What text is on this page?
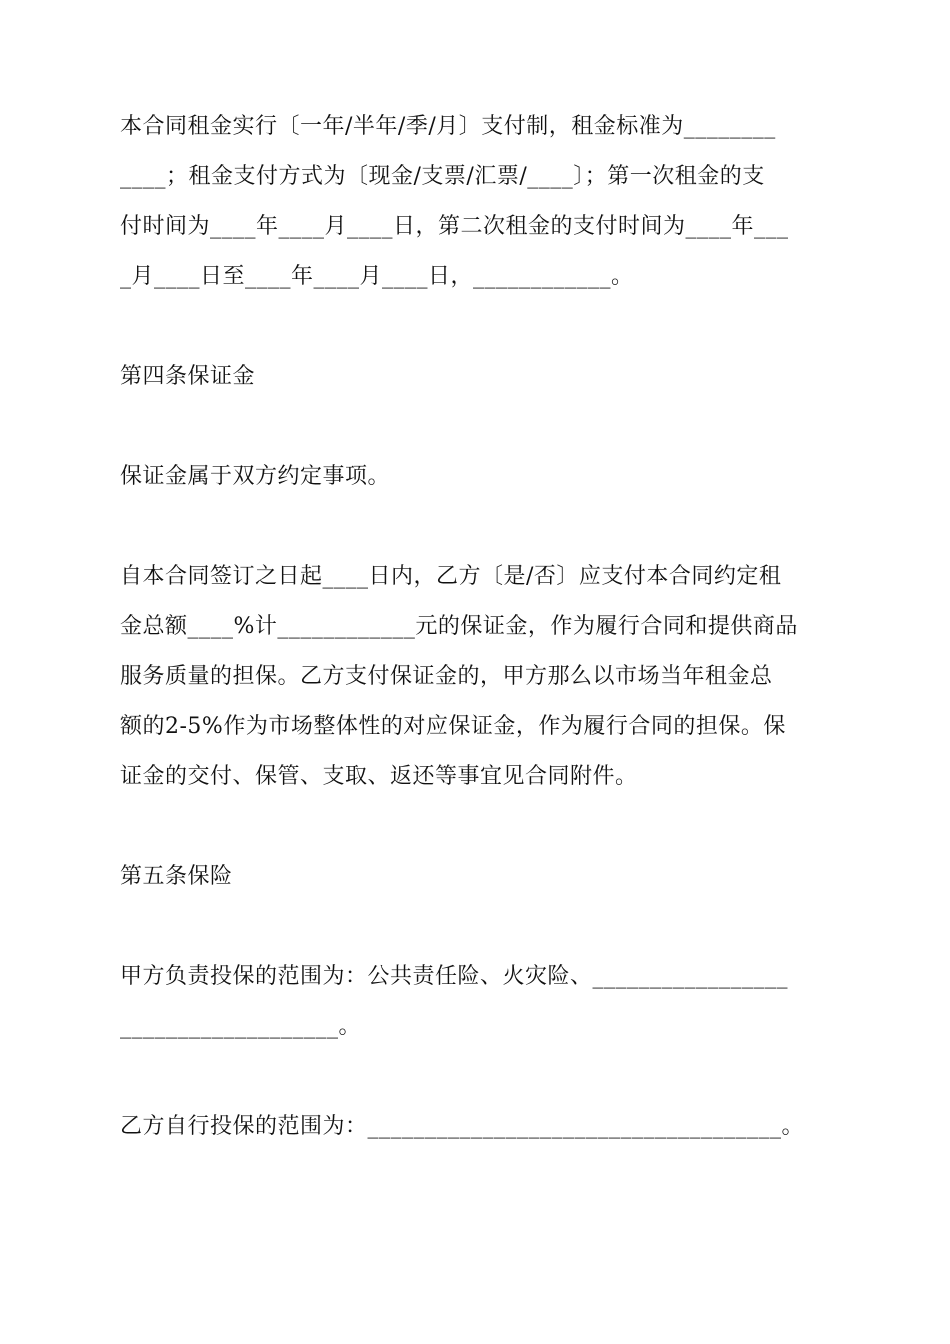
本合同租金实行〔一年/半年/季/月〕支付制，租金标准为________
____；租金支付方式为〔现金/支票/汇票/____〕；第一次租金的支
付时间为____年____月____日，第二次租金的支付时间为____年___
_月____日至____年____月____日，____________。
第四条保证金
保证金属于双方约定事项。
自本合同签订之日起____日内，乙方〔是/否〕应支付本合同约定租
金总额____%计____________元的保证金，作为履行合同和提供商品
服务质量的担保。乙方支付保证金的，甲方那么以市场当年租金总
额的2-5%作为市场整体性的对应保证金，作为履行合同的担保。保
证金的交付、保管、支取、返还等事宜见合同附件。
第五条保险
甲方负责投保的范围为：公共责任险、火灾险、_________________
___________________。
乙方自行投保的范围为：____________________________________。
